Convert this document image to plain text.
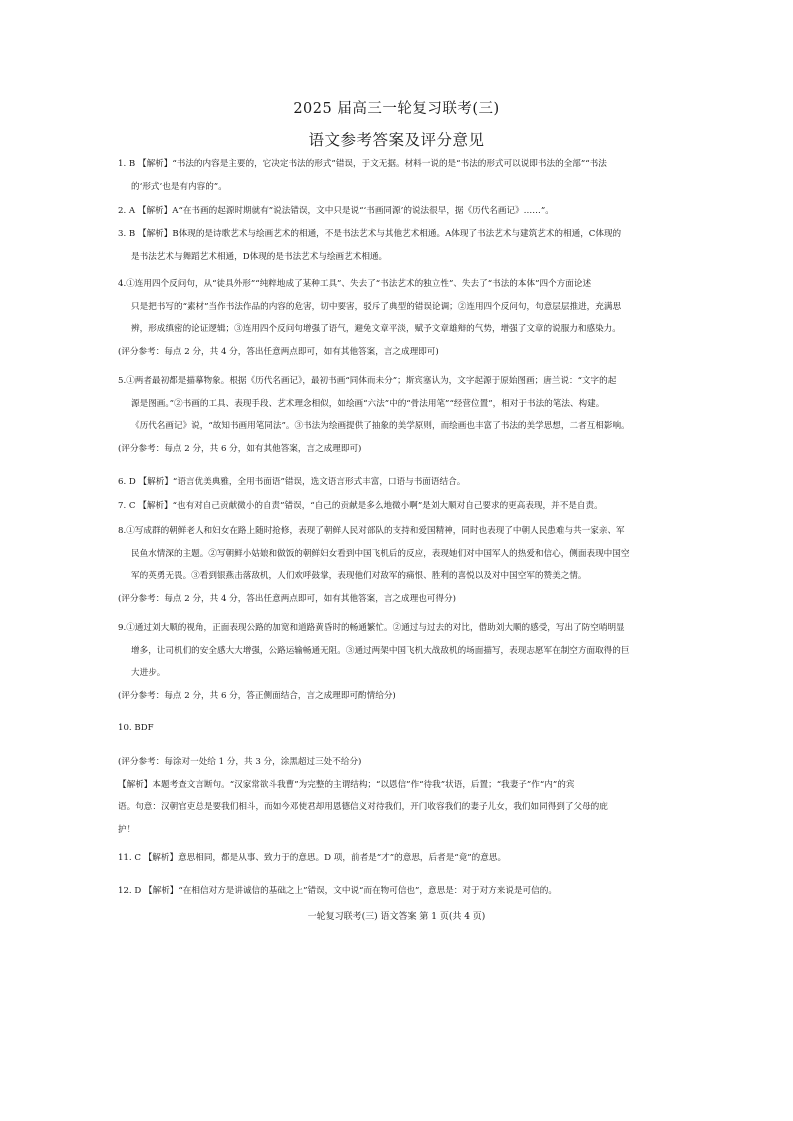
2025 届高三一轮复习联考(三)
语文参考答案及评分意见
1. B 【解析】“书法的内容是主要的，它决定书法的形式”错误，于文无据。材料一说的是“书法的形式可以说即书法的全部”“书法
的‘形式’也是有内容的”。
2. A 【解析】A“在书画的起源时期就有”说法错误，文中只是说“‘书画同源’的说法很早，据《历代名画记》……”。
3. B 【解析】B体现的是诗歌艺术与绘画艺术的相通，不是书法艺术与其他艺术相通。A体现了书法艺术与建筑艺术的相通，C体现的
是书法艺术与舞蹈艺术相通，D体现的是书法艺术与绘画艺术相通。
4.①连用四个反问句，从“徒具外形”“纯粹地成了某种工具”、失去了“书法艺术的独立性”、失去了“书法的本体”四个方面论述
只是把书写的“素材”当作书法作品的内容的危害，切中要害，驳斥了典型的错误论调；②连用四个反问句，句意层层推进，充满思
辨，形成缜密的论证逻辑；③连用四个反问句增强了语气，避免文章平淡，赋予文章雄辩的气势，增强了文章的说服力和感染力。
(评分参考：每点 2 分，共 4 分，答出任意两点即可，如有其他答案，言之成理即可)
5.①两者最初都是描摹物象。根据《历代名画记》，最初书画“同体而未分”；斯宾塞认为，文字起源于原始图画；唐兰说：“文字的起
源是图画。”②书画的工具、表现手段、艺术理念相似，如绘画“六法”中的“骨法用笔”“经营位置”，相对于书法的笔法、构建。
《历代名画记》说，“故知书画用笔同法”。③书法为绘画提供了抽象的美学原则，而绘画也丰富了书法的美学思想，二者互相影响。
(评分参考：每点 2 分，共 6 分，如有其他答案，言之成理即可)
6. D 【解析】“语言优美典雅，全用书面语”错误，选文语言形式丰富，口语与书面语结合。
7. C 【解析】“也有对自己贡献微小的自责”错误，“自己的贡献是多么地微小啊”是刘大顺对自己要求的更高表现，并不是自责。
8.①写成群的朝鲜老人和妇女在路上随时抢修，表现了朝鲜人民对部队的支持和爱国精神，同时也表现了中朝人民患难与共一家亲、军
民鱼水情深的主题。②写朝鲜小姑娘和做饭的朝鲜妇女看到中国飞机后的反应，表现她们对中国军人的热爱和信心，侧面表现中国空
军的英勇无畏。③看到银燕击落敌机，人们欢呼鼓掌，表现他们对敌军的痛恨、胜利的喜悦以及对中国空军的赞美之情。
(评分参考：每点 2 分，共 4 分，答出任意两点即可，如有其他答案，言之成理也可得分)
9.①通过刘大顺的视角，正面表现公路的加宽和道路黄昏时的畅通繁忙。②通过与过去的对比，借助刘大顺的感受，写出了防空哨明显
增多，让司机们的安全感大大增强，公路运输畅通无阻。③通过两架中国飞机大战敌机的场面描写，表现志愿军在制空方面取得的巨
大进步。
(评分参考：每点 2 分，共 6 分，答正侧面结合，言之成理即可酌情给分)
10. BDF
(评分参考：每涂对一处给 1 分，共 3 分，涂黑超过三处不给分)
【解析】本题考查文言断句。“汉家常欲斗我曹”为完整的主谓结构；“以恩信”作“待我”状语，后置；“我妻子”作“内”的宾
语。句意：汉朝官吏总是要我们相斗，而如今邓使君却用恩德信义对待我们，开门收容我们的妻子儿女，我们如同得到了父母的庇
护！
11. C 【解析】意思相同，都是从事、致力于的意思。D 项，前者是“才”的意思，后者是“竟”的意思。
12. D 【解析】“在相信对方是讲诚信的基础之上”错误，文中说“而在物可信也”，意思是：对于对方来说是可信的。
一轮复习联考(三) 语文答案 第 1 页(共 4 页)
